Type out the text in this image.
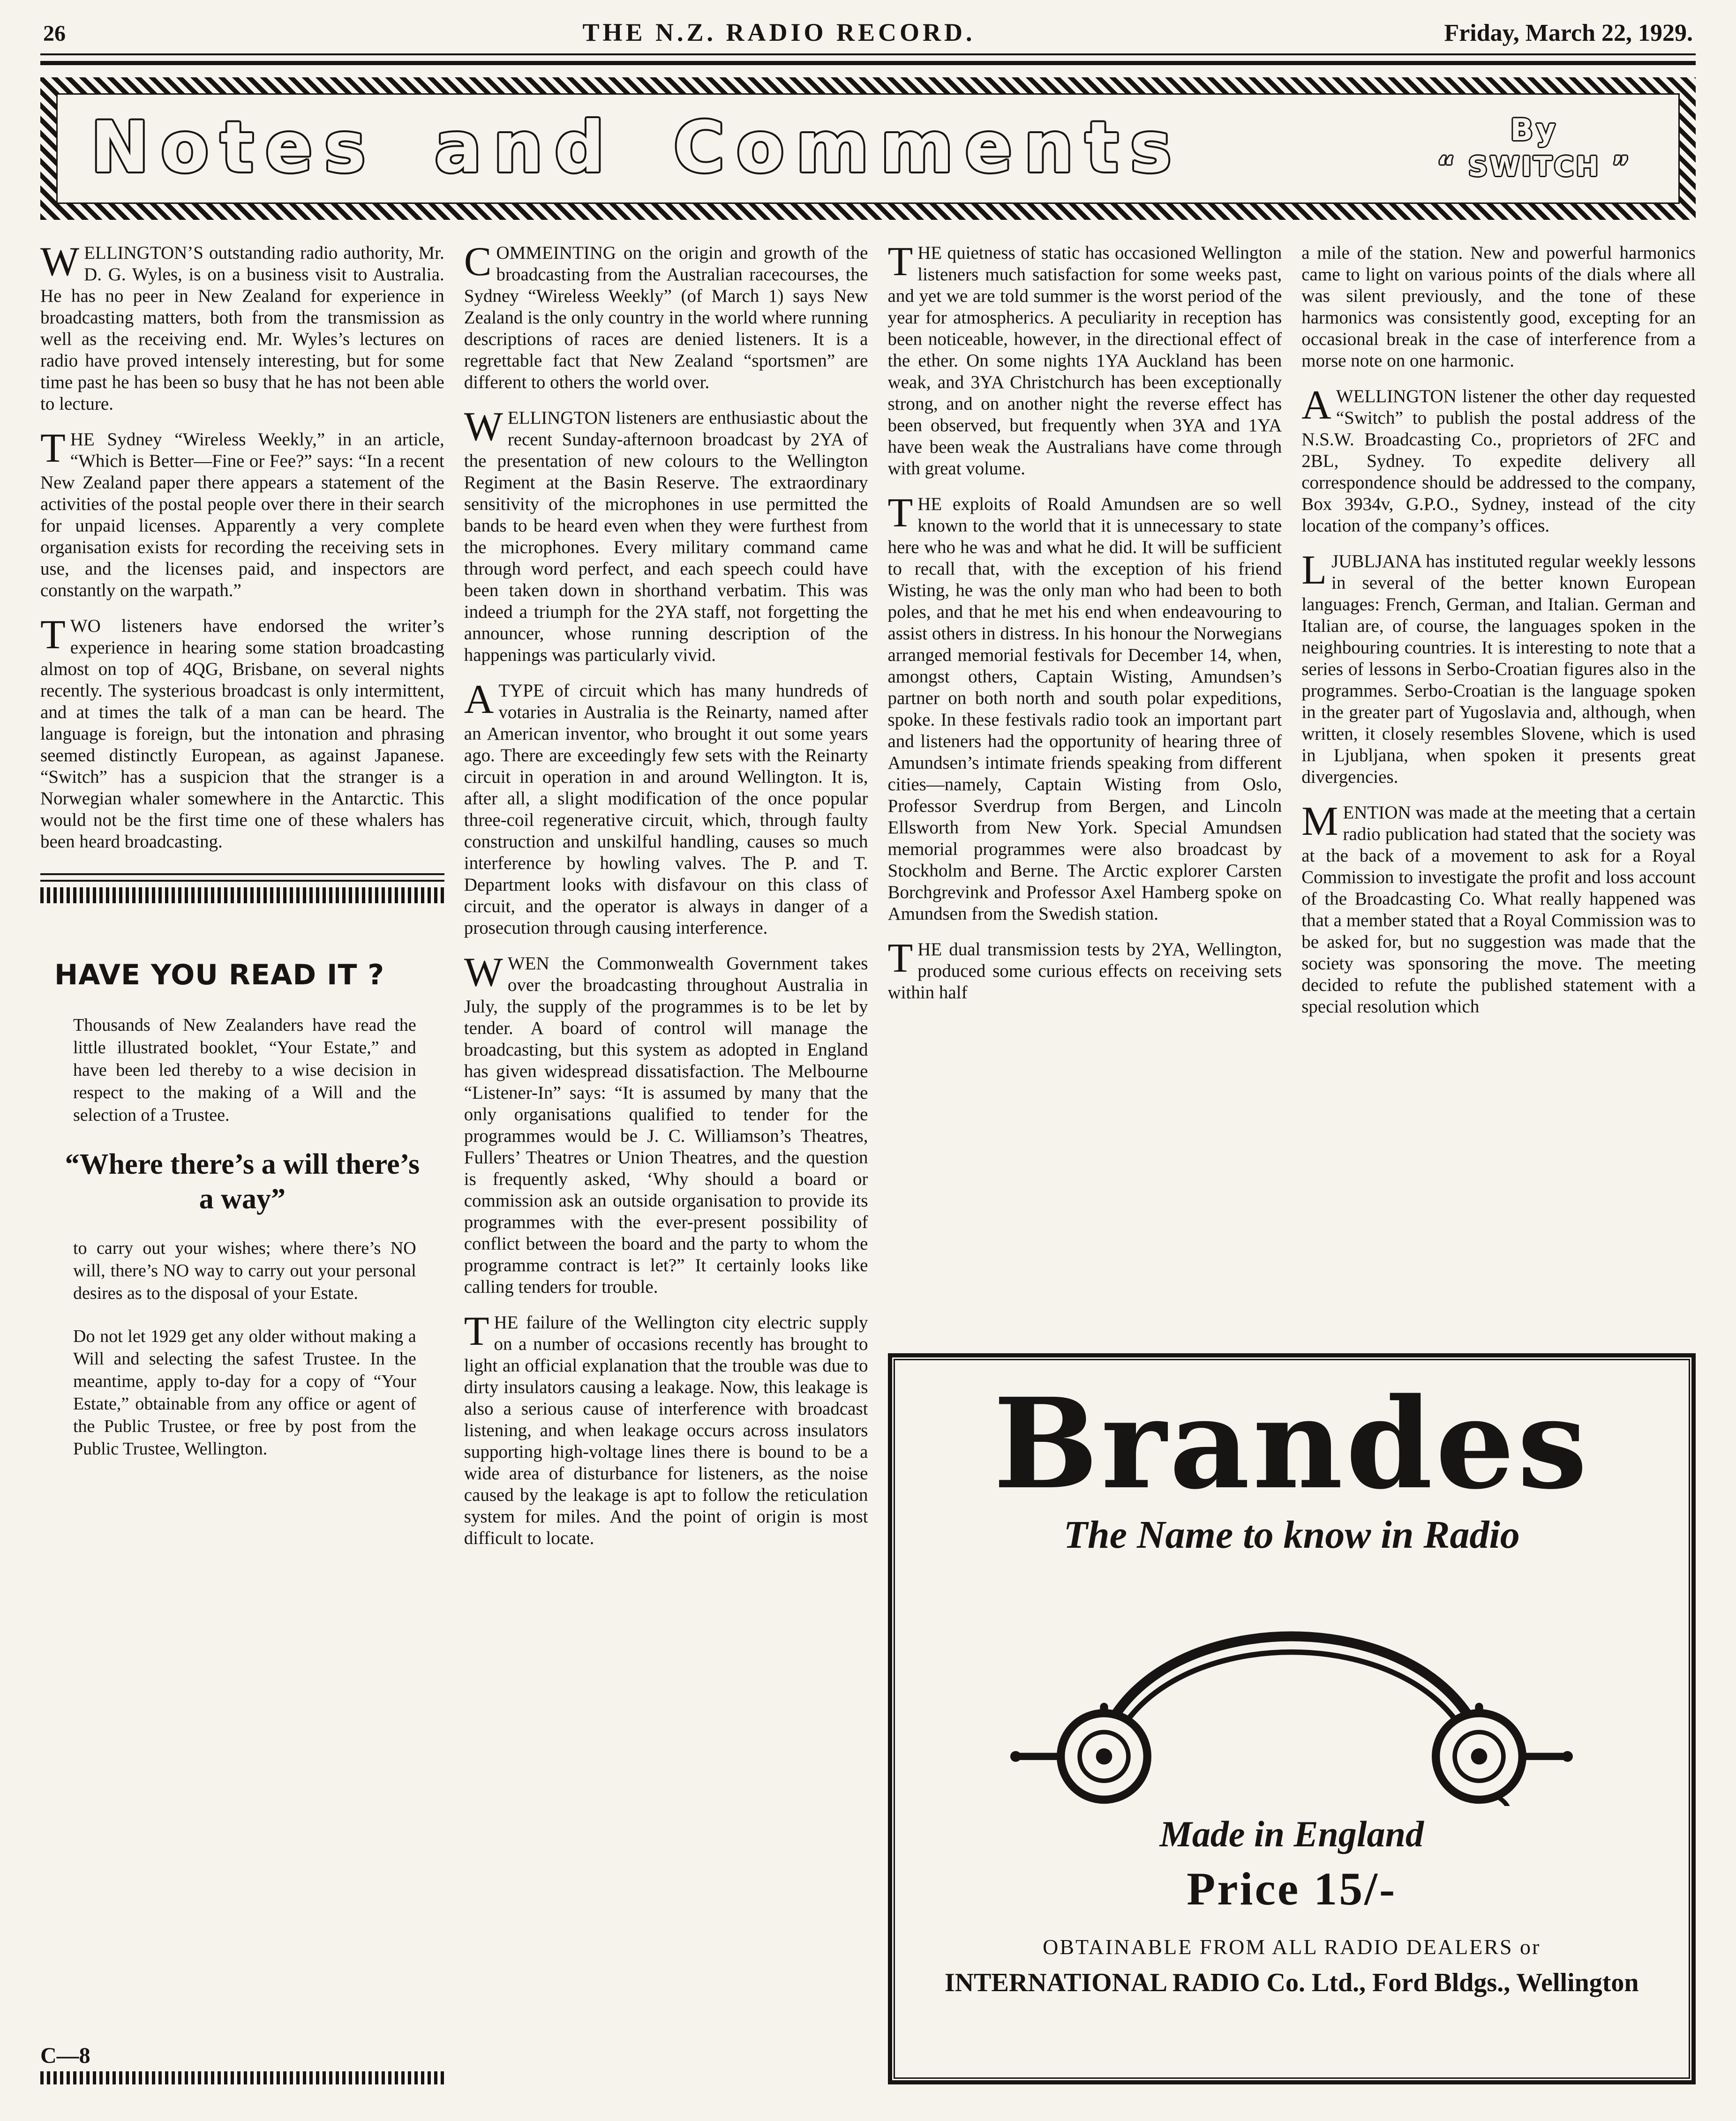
26	THE N.Z. RADIO RECORD.	Friday, March 22, 1929.
Notes and Comments	By
“ SWITCH ”

WELLINGTON’S outstanding radio authority, Mr. D. G. Wyles, is on a business visit to Australia. He has no peer in New Zealand for experience in broadcasting matters, both from the transmission as well as the receiving end. Mr. Wyles’s lectures on radio have proved intensely interesting, but for some time past he has been so busy that he has not been able to lecture.

THE Sydney “Wireless Weekly,” in an article, “Which is Better—Fine or Fee?” says: “In a recent New Zealand paper there appears a statement of the activities of the postal people over there in their search for unpaid licenses. Apparently a very complete organisation exists for recording the receiving sets in use, and the licenses paid, and inspectors are constantly on the warpath.”

TWO listeners have endorsed the writer’s experience in hearing some station broadcasting almost on top of 4QG, Brisbane, on several nights recently. The systerious broadcast is only intermittent, and at times the talk of a man can be heard. The language is foreign, but the intonation and phrasing seemed distinctly European, as against Japanese. “Switch” has a suspicion that the stranger is a Norwegian whaler somewhere in the Antarctic. This would not be the first time one of these whalers has been heard broadcasting.

HAVE YOU READ IT ?

Thousands of New Zealanders have read the little illustrated booklet, “Your Estate,” and have been led thereby to a wise decision in respect to the making of a Will and the selection of a Trustee.

“Where there’s a will there’s a way”

to carry out your wishes; where there’s NO will, there’s NO way to carry out your personal desires as to the disposal of your Estate.

Do not let 1929 get any older without making a Will and selecting the safest Trustee. In the meantime, apply to-day for a copy of “Your Estate,” obtainable from any office or agent of the Public Trustee, or free by post from the Public Trustee, Wellington.

C—8

COMMEINTING on the origin and growth of the broadcasting from the Australian racecourses, the Sydney “Wireless Weekly” (of March 1) says New Zealand is the only country in the world where running descriptions of races are denied listeners. It is a regrettable fact that New Zealand “sportsmen” are different to others the world over.

WELLINGTON listeners are enthusiastic about the recent Sunday-afternoon broadcast by 2YA of the presentation of new colours to the Wellington Regiment at the Basin Reserve. The extraordinary sensitivity of the microphones in use permitted the bands to be heard even when they were furthest from the microphones. Every military command came through word perfect, and each speech could have been taken down in shorthand verbatim. This was indeed a triumph for the 2YA staff, not forgetting the announcer, whose running description of the happenings was particularly vivid.

ATYPE of circuit which has many hundreds of votaries in Australia is the Reinarty, named after an American inventor, who brought it out some years ago. There are exceedingly few sets with the Reinarty circuit in operation in and around Wellington. It is, after all, a slight modification of the once popular three-coil regenerative circuit, which, through faulty construction and unskilful handling, causes so much interference by howling valves. The P. and T. Department looks with disfavour on this class of circuit, and the operator is always in danger of a prosecution through causing interference.

WWEN the Commonwealth Government takes over the broadcasting throughout Australia in July, the supply of the programmes is to be let by tender. A board of control will manage the broadcasting, but this system as adopted in England has given widespread dissatisfaction. The Melbourne “Listener-In” says: “It is assumed by many that the only organisations qualified to tender for the programmes would be J. C. Williamson’s Theatres, Fullers’ Theatres or Union Theatres, and the question is frequently asked, ‘Why should a board or commission ask an outside organisation to provide its programmes with the ever-present possibility of conflict between the board and the party to whom the programme contract is let?” It certainly looks like calling tenders for trouble.

THE failure of the Wellington city electric supply on a number of occasions recently has brought to light an official explanation that the trouble was due to dirty insulators causing a leakage. Now, this leakage is also a serious cause of interference with broadcast listening, and when leakage occurs across insulators supporting high-voltage lines there is bound to be a wide area of disturbance for listeners, as the noise caused by the leakage is apt to follow the reticulation system for miles. And the point of origin is most difficult to locate.

THE quietness of static has occasioned Wellington listeners much satisfaction for some weeks past, and yet we are told summer is the worst period of the year for atmospherics. A peculiarity in reception has been noticeable, however, in the directional effect of the ether. On some nights 1YA Auckland has been weak, and 3YA Christchurch has been exceptionally strong, and on another night the reverse effect has been observed, but frequently when 3YA and 1YA have been weak the Australians have come through with great volume.

THE exploits of Roald Amundsen are so well known to the world that it is unnecessary to state here who he was and what he did. It will be sufficient to recall that, with the exception of his friend Wisting, he was the only man who had been to both poles, and that he met his end when endeavouring to assist others in distress. In his honour the Norwegians arranged memorial festivals for December 14, when, amongst others, Captain Wisting, Amundsen’s partner on both north and south polar expeditions, spoke. In these festivals radio took an important part and listeners had the opportunity of hearing three of Amundsen’s intimate friends speaking from different cities—namely, Captain Wisting from Oslo, Professor Sverdrup from Bergen, and Lincoln Ellsworth from New York. Special Amundsen memorial programmes were also broadcast by Stockholm and Berne. The Arctic explorer Carsten Borchgrevink and Professor Axel Hamberg spoke on Amundsen from the Swedish station.

THE dual transmission tests by 2YA, Wellington, produced some curious effects on receiving sets within half

a mile of the station. New and powerful harmonics came to light on various points of the dials where all was silent previously, and the tone of these harmonics was consistently good, excepting for an occasional break in the case of interference from a morse note on one harmonic.

AWELLINGTON listener the other day requested “Switch” to publish the postal address of the N.S.W. Broadcasting Co., proprietors of 2FC and 2BL, Sydney. To expedite delivery all correspondence should be addressed to the company, Box 3934v, G.P.O., Sydney, instead of the city location of the company’s offices.

LJUBLJANA has instituted regular weekly lessons in several of the better known European languages: French, German, and Italian. German and Italian are, of course, the languages spoken in the neighbouring countries. It is interesting to note that a series of lessons in Serbo-Croatian figures also in the programmes. Serbo-Croatian is the language spoken in the greater part of Yugoslavia and, although, when written, it closely resembles Slovene, which is used in Ljubljana, when spoken it presents great divergencies.

MENTION was made at the meeting that a certain radio publication had stated that the society was at the back of a movement to ask for a Royal Commission to investigate the profit and loss account of the Broadcasting Co. What really happened was that a member stated that a Royal Commission was to be asked for, but no suggestion was made that the society was sponsoring the move. The meeting decided to refute the published statement with a special resolution which

Brandes
The Name to know in Radio
Made in England
Price 15/-
OBTAINABLE FROM ALL RADIO DEALERS or
INTERNATIONAL RADIO Co. Ltd., Ford Bldgs., Wellington
